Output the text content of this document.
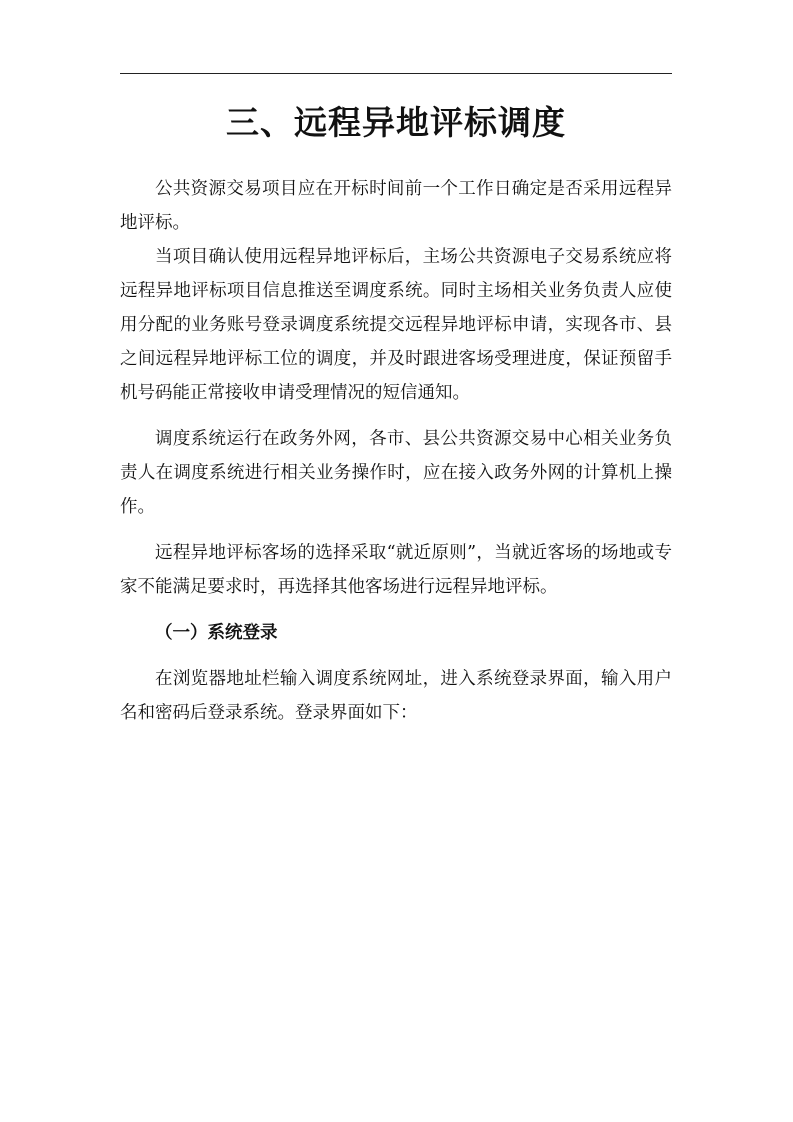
三、远程异地评标调度

公共资源交易项目应在开标时间前一个工作日确定是否采用远程异地评标。

当项目确认使用远程异地评标后，主场公共资源电子交易系统应将远程异地评标项目信息推送至调度系统。同时主场相关业务负责人应使用分配的业务账号登录调度系统提交远程异地评标申请，实现各市、县之间远程异地评标工位的调度，并及时跟进客场受理进度，保证预留手机号码能正常接收申请受理情况的短信通知。

调度系统运行在政务外网，各市、县公共资源交易中心相关业务负责人在调度系统进行相关业务操作时，应在接入政务外网的计算机上操作。

远程异地评标客场的选择采取“就近原则”，当就近客场的场地或专家不能满足要求时，再选择其他客场进行远程异地评标。

（一）系统登录

在浏览器地址栏输入调度系统网址，进入系统登录界面，输入用户名和密码后登录系统。登录界面如下：
